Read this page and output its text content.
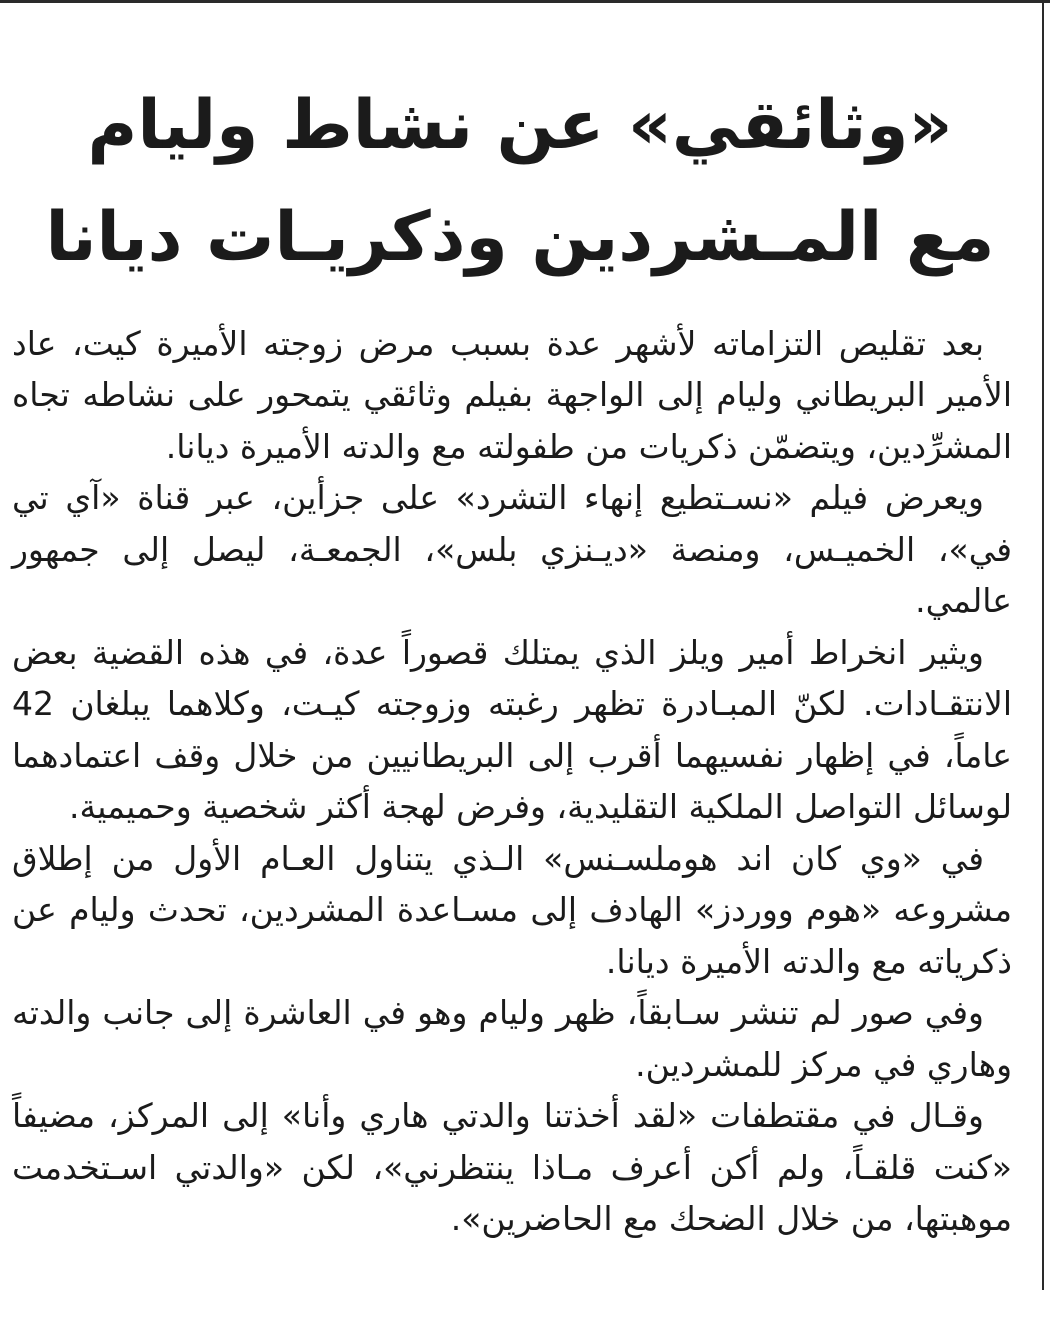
«وثائقي» عن نشاط وليام
مع المـشردين وذكريـات ديانا

بعد تقليص التزاماته لأشهر عدة بسبب مرض زوجته الأميرة كيت، عاد الأمير البريطاني وليام إلى الواجهة بفيلم وثائقي يتمحور على نشاطه تجاه المشرِّدين، ويتضمّن ذكريات من طفولته مع والدته الأميرة ديانا.

ويعرض فيلم «نسـتطيع إنهاء التشرد» على جزأين، عبر قناة «آي تي في»، الخميـس، ومنصة «ديـنزي بلس»، الجمعـة، ليصل إلى جمهور عالمي.

ويثير انخراط أمير ويلز الذي يمتلك قصوراً عدة، في هذه القضية بعض الانتقـادات. لكنّ المبـادرة تظهر رغبته وزوجته كيـت، وكلاهما يبلغان 42 عاماً، في إظهار نفسيهما أقرب إلى البريطانيين من خلال وقف اعتمادهما لوسائل التواصل الملكية التقليدية، وفرض لهجة أكثر شخصية وحميمية.

في «وي كان اند هوملسـنس» الـذي يتناول العـام الأول من إطلاق مشروعه «هوم ووردز» الهادف إلى مسـاعدة المشردين، تحدث وليام عن ذكرياته مع والدته الأميرة ديانا.

وفي صور لم تنشر سـابقاً، ظهر وليام وهو في العاشرة إلى جانب والدته وهاري في مركز للمشردين.

وقـال في مقتطفات «لقد أخذتنا والدتي هاري وأنا» إلى المركز، مضيفاً «كنت قلقـاً، ولم أكن أعرف مـاذا ينتظرني»، لكن «والدتي اسـتخدمت موهبتها، من خلال الضحك مع الحاضرين».
